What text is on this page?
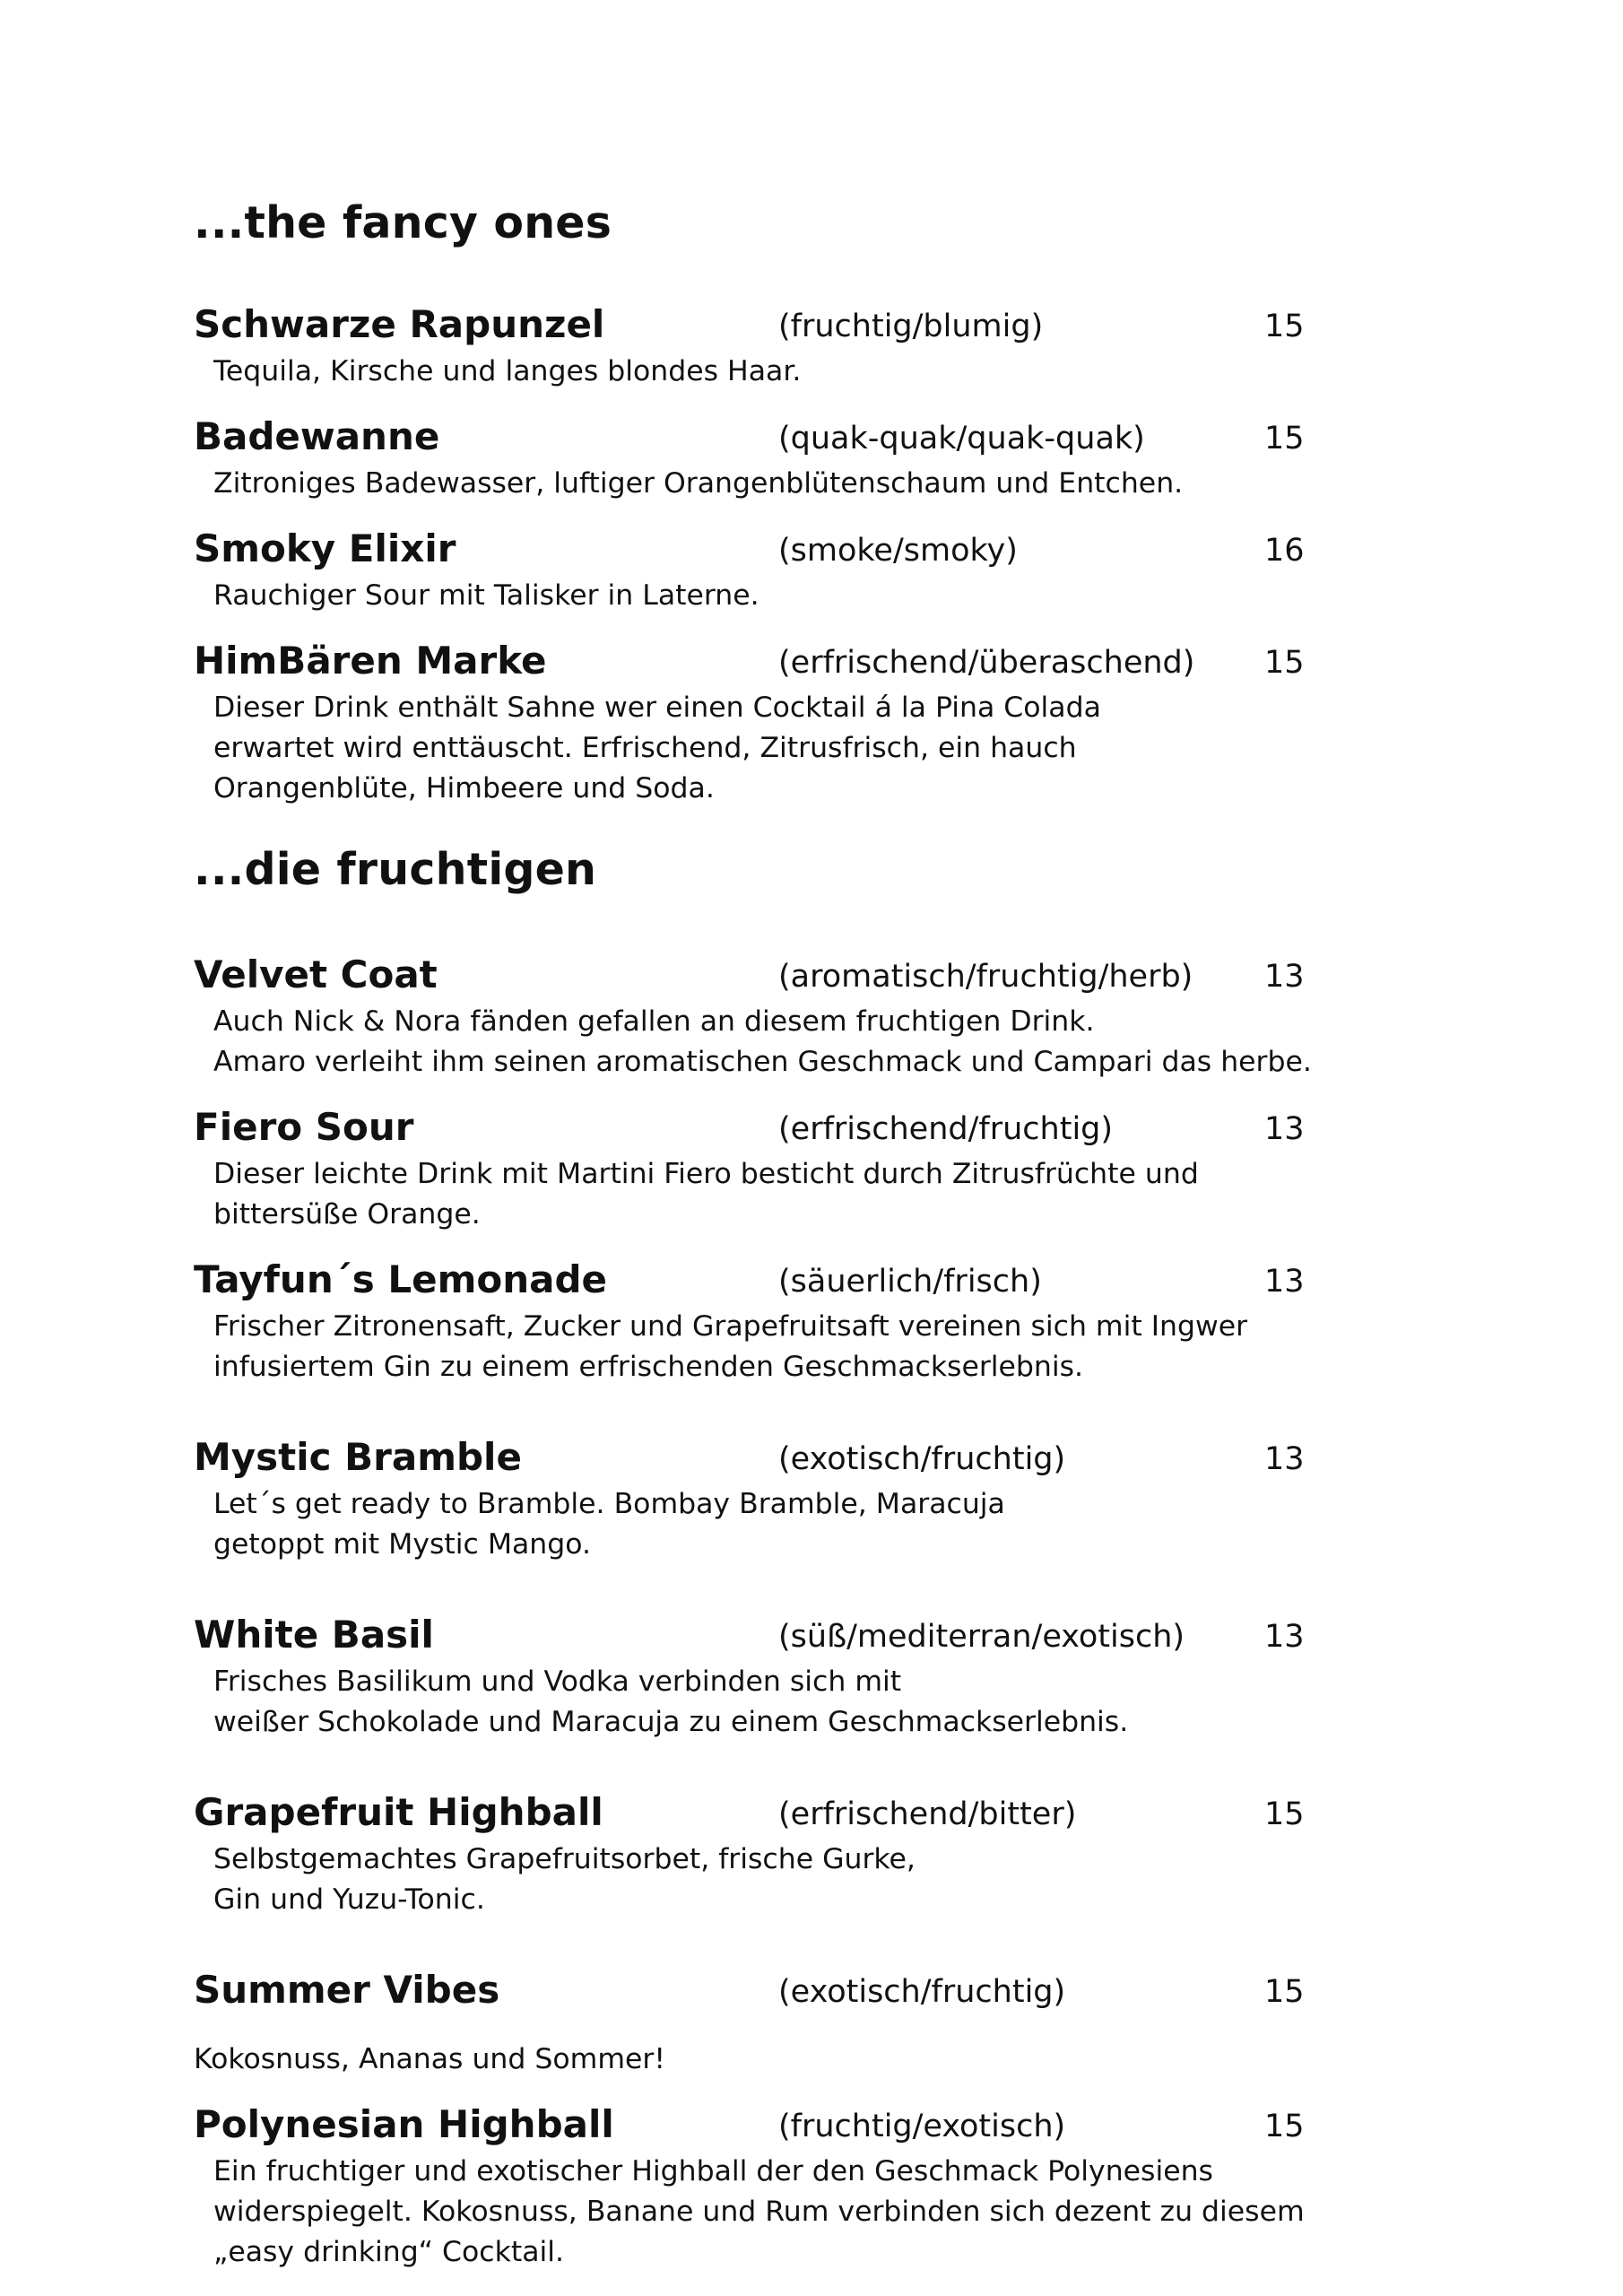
...the fancy ones
Schwarze Rapunzel	(fruchtig/blumig)	15

Tequila, Kirsche und langes blondes Haar.

Badewanne	(quak-quak/quak-quak)	15

Zitroniges Badewasser, luftiger Orangenblütenschaum und Entchen.

Smoky Elixir	(smoke/smoky)	16

Rauchiger Sour mit Talisker in Laterne.

HimBären Marke	(erfrischend/überaschend) 15

Dieser Drink enthält Sahne wer einen Cocktail á la Pina Colada
erwartet wird enttäuscht. Erfrischend, Zitrusfrisch, ein hauch
Orangenblüte, Himbeere und Soda.

...die fruchtigen
Velvet Coat	(aromatisch/fruchtig/herb) 13

Auch Nick & Nora fänden gefallen an diesem fruchtigen Drink.
Amaro verleiht ihm seinen aromatischen Geschmack und Campari das herbe.

Fiero Sour	(erfrischend/fruchtig)	13

Dieser leichte Drink mit Martini Fiero besticht durch Zitrusfrüchte und
bittersüße Orange.

Tayfun´s Lemonade	(säuerlich/frisch)	13

Frischer Zitronensaft, Zucker und Grapefruitsaft vereinen sich mit Ingwer
infusiertem Gin zu einem erfrischenden Geschmackserlebnis.

Mystic Bramble	(exotisch/fruchtig)	13

Let´s get ready to Bramble. Bombay Bramble, Maracuja
getoppt mit Mystic Mango.

White Basil	(süß/mediterran/exotisch)	13

Frisches Basilikum und Vodka verbinden sich mit
weißer Schokolade und Maracuja zu einem Geschmackserlebnis.

Grapefruit Highball	(erfrischend/bitter)	15

Selbstgemachtes Grapefruitsorbet, frische Gurke,
Gin und Yuzu-Tonic.

Summer Vibes	(exotisch/fruchtig)	15

Kokosnuss, Ananas und Sommer!

Polynesian Highball	(fruchtig/exotisch)	15

Ein fruchtiger und exotischer Highball der den Geschmack Polynesiens
widerspiegelt. Kokosnuss, Banane und Rum verbinden sich dezent zu diesem
„easy drinking“ Cocktail.
